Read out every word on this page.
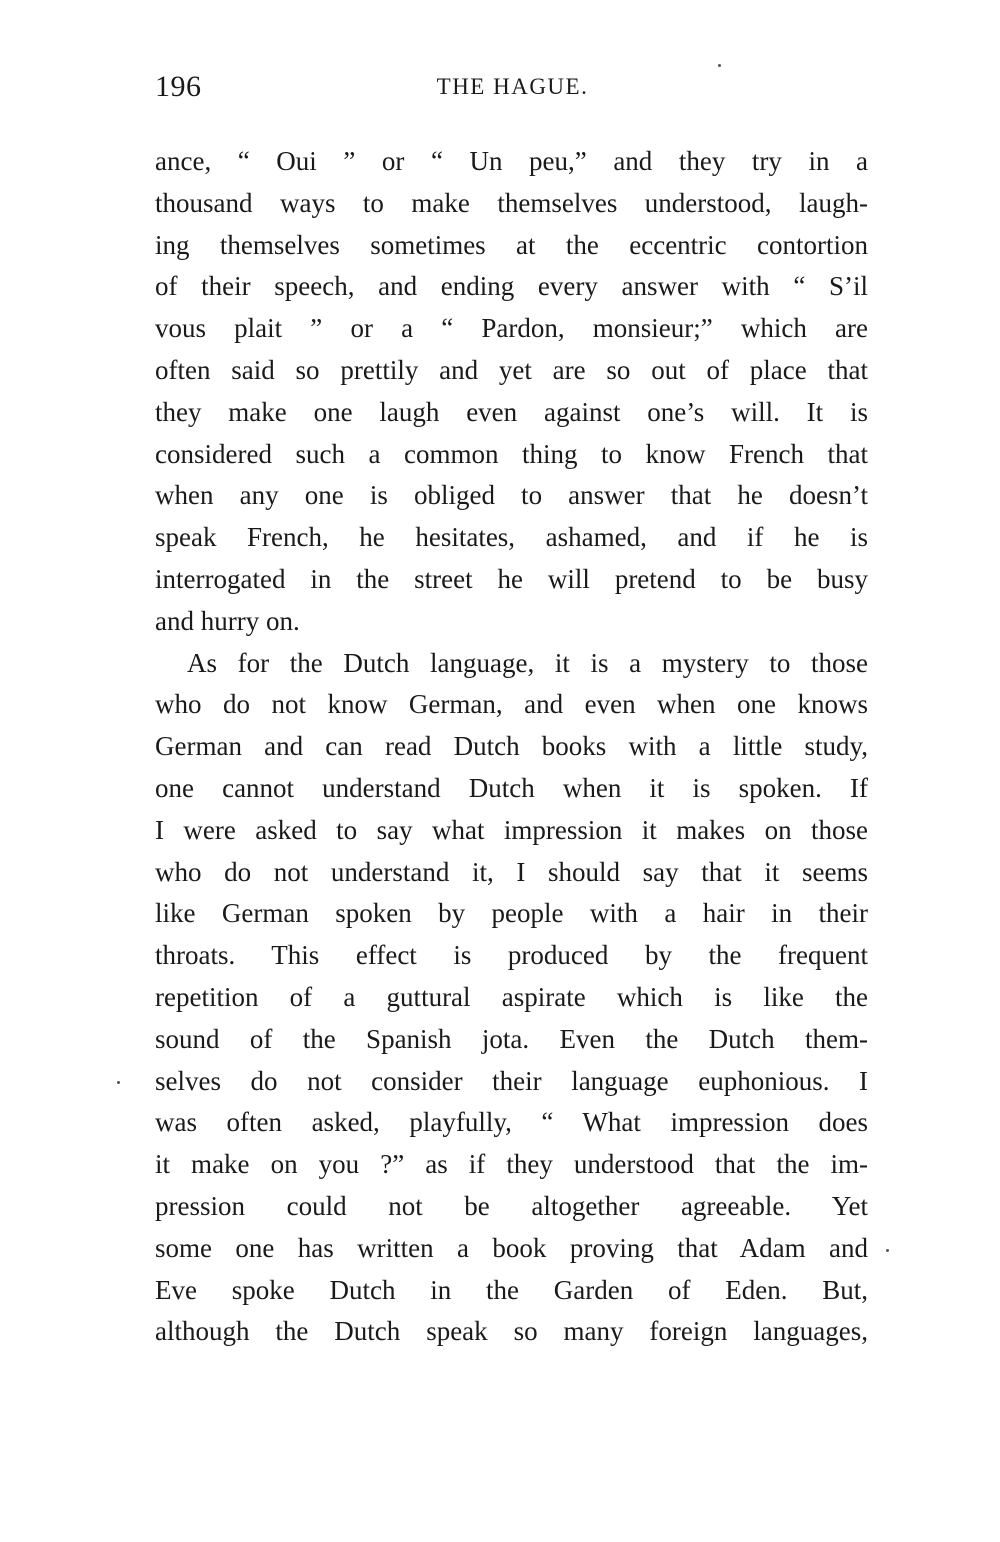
196	THE HAGUE.
ance, “ Oui ” or “ Un peu,” and they try in a
thousand ways to make themselves understood, laugh-
ing themselves sometimes at the eccentric contortion
of their speech, and ending every answer with “ S’il
vous plait ” or a “ Pardon, monsieur;” which are
often said so prettily and yet are so out of place that
they make one laugh even against one’s will. It is
considered such a common thing to know French that
when any one is obliged to answer that he doesn’t
speak French, he hesitates, ashamed, and if he is
interrogated in the street he will pretend to be busy
and hurry on.
As for the Dutch language, it is a mystery to those
who do not know German, and even when one knows
German and can read Dutch books with a little study,
one cannot understand Dutch when it is spoken. If
I were asked to say what impression it makes on those
who do not understand it, I should say that it seems
like German spoken by people with a hair in their
throats. This effect is produced by the frequent
repetition of a guttural aspirate which is like the
sound of the Spanish jota. Even the Dutch them-
selves do not consider their language euphonious. I
was often asked, playfully, “ What impression does
it make on you ?” as if they understood that the im-
pression could not be altogether agreeable. Yet
some one has written a book proving that Adam and
Eve spoke Dutch in the Garden of Eden. But,
although the Dutch speak so many foreign languages,
